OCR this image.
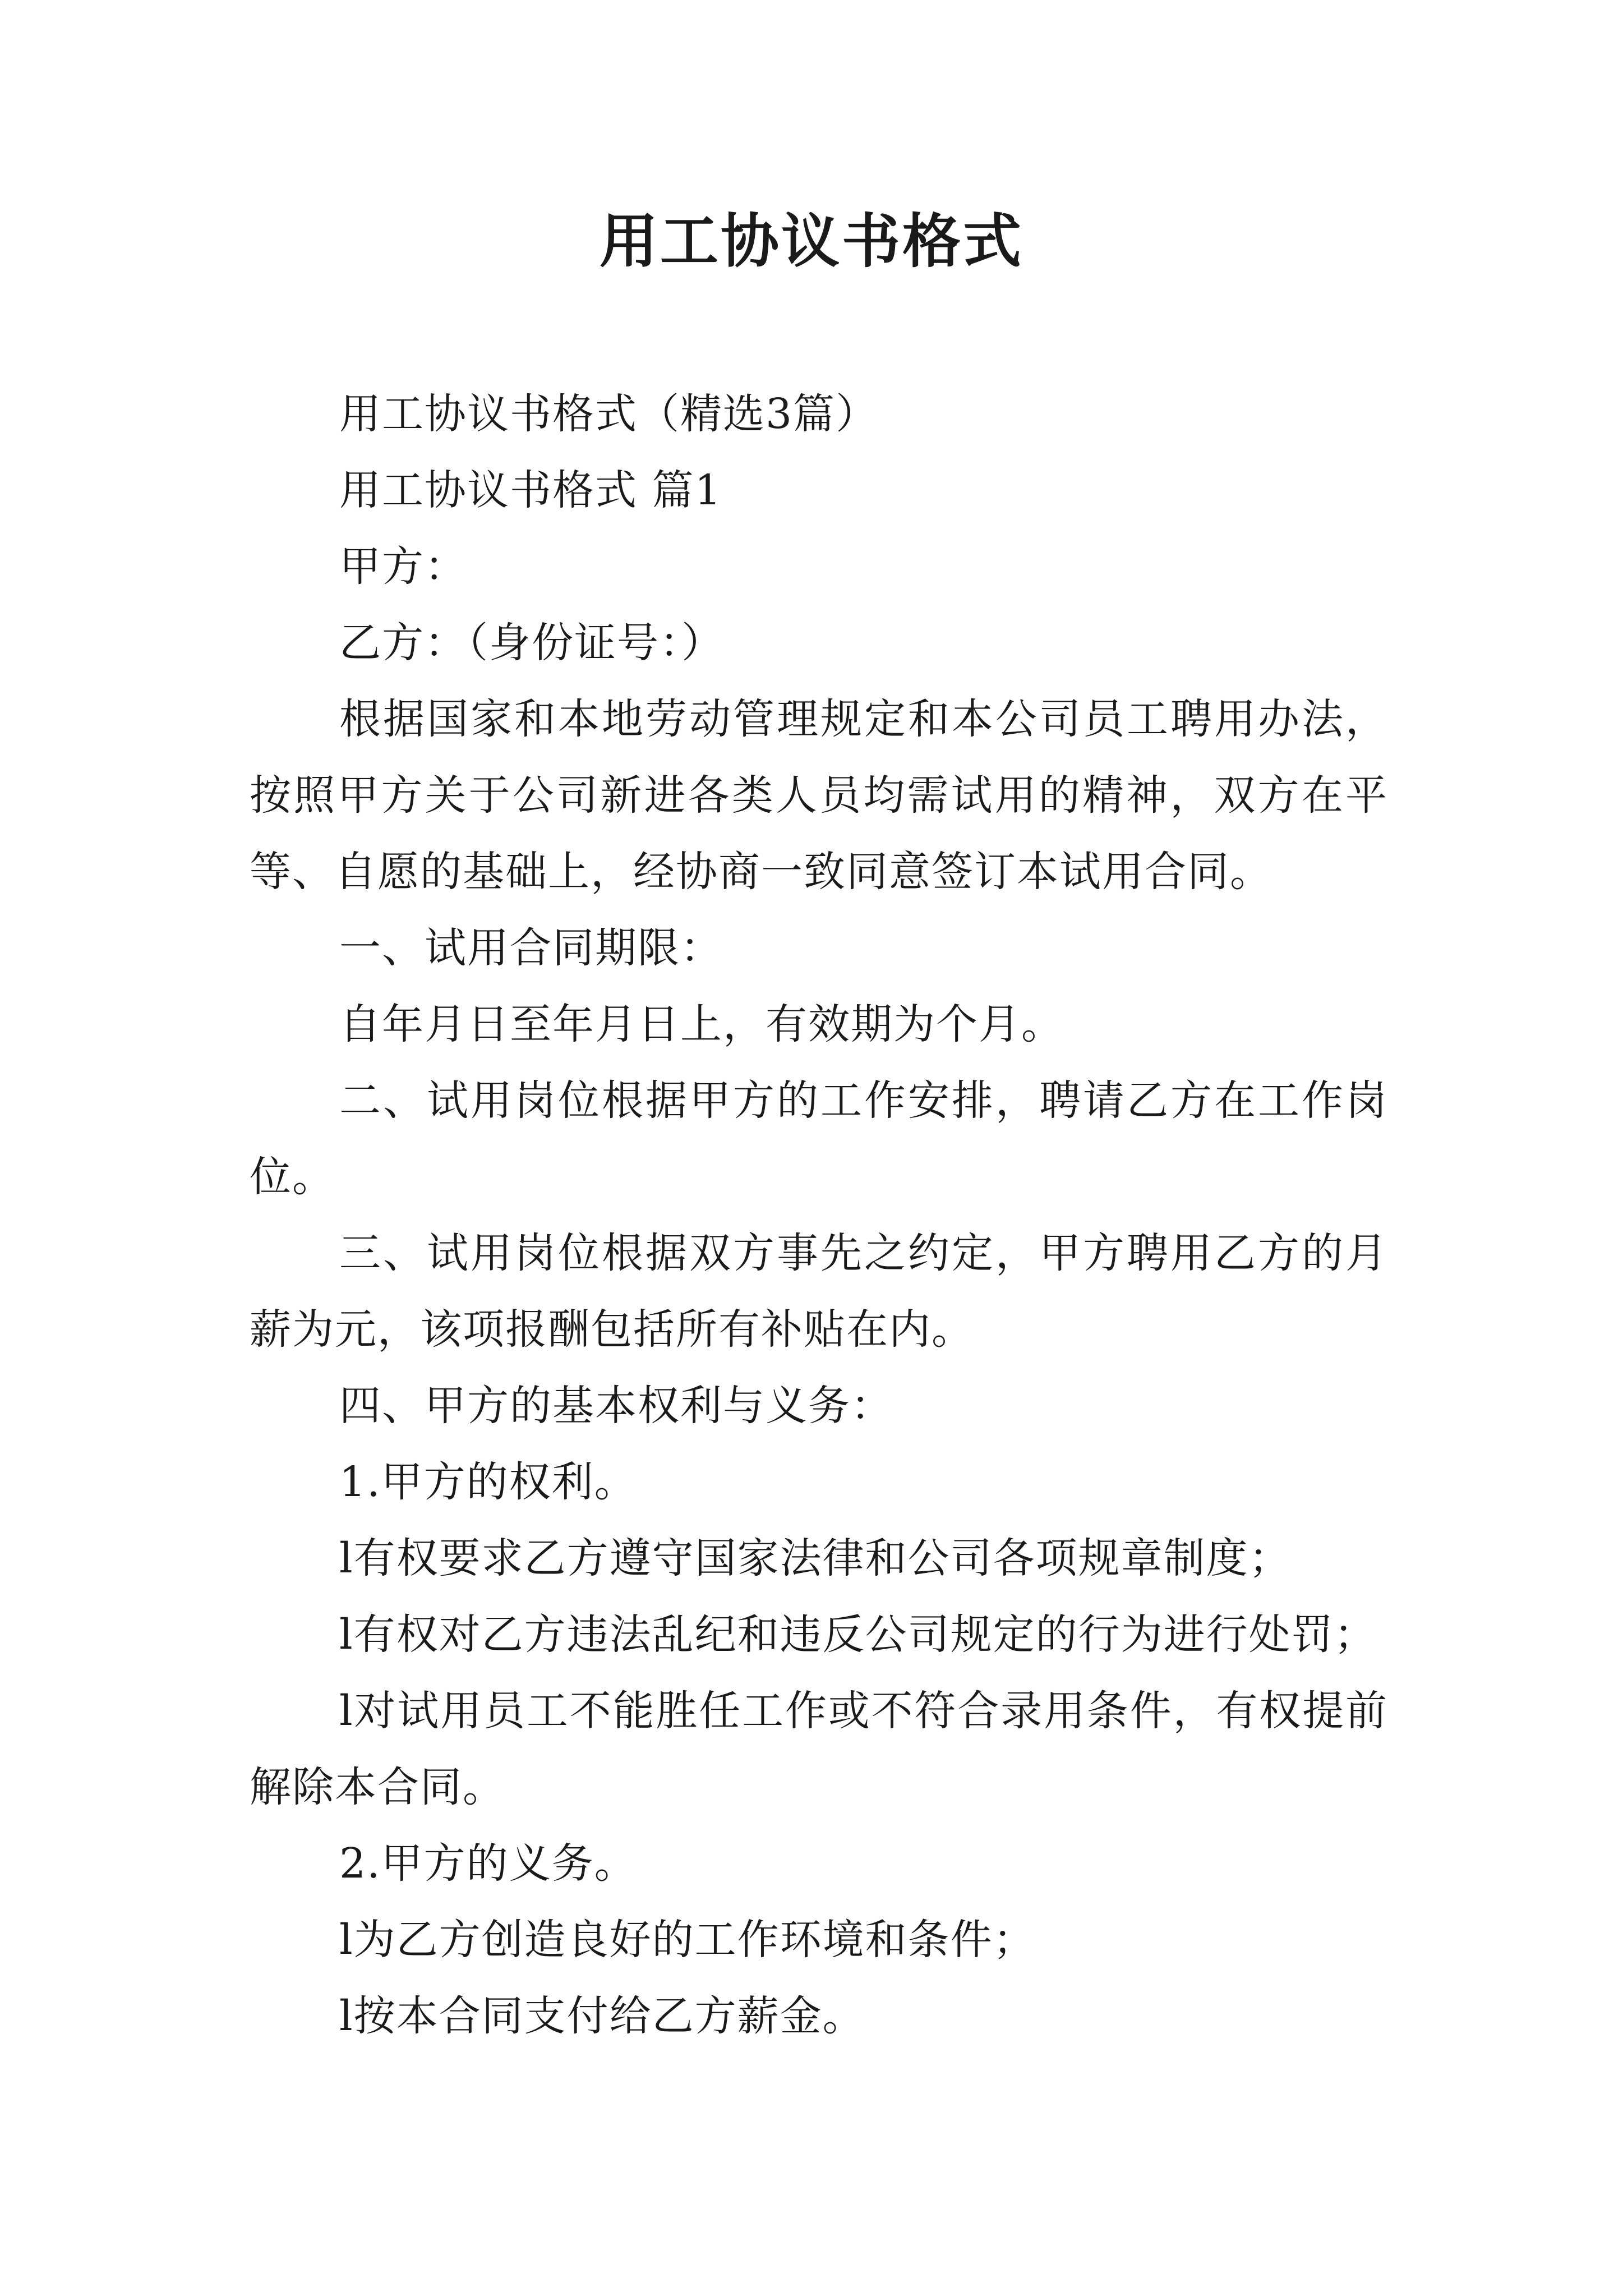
用工协议书格式

用工协议书格式（精选3篇）

用工协议书格式 篇1

甲方：

乙方：（身份证号：）

根据国家和本地劳动管理规定和本公司员工聘用办法，按照甲方关于公司新进各类人员均需试用的精神，双方在平等、自愿的基础上，经协商一致同意签订本试用合同。

一、试用合同期限：

自年月日至年月日上，有效期为个月。

二、试用岗位根据甲方的工作安排，聘请乙方在工作岗位。

三、试用岗位根据双方事先之约定，甲方聘用乙方的月薪为元，该项报酬包括所有补贴在内。

四、甲方的基本权利与义务：

1.甲方的权利。

l有权要求乙方遵守国家法律和公司各项规章制度；

l有权对乙方违法乱纪和违反公司规定的行为进行处罚；

l对试用员工不能胜任工作或不符合录用条件，有权提前解除本合同。

2.甲方的义务。

l为乙方创造良好的工作环境和条件；

l按本合同支付给乙方薪金。
